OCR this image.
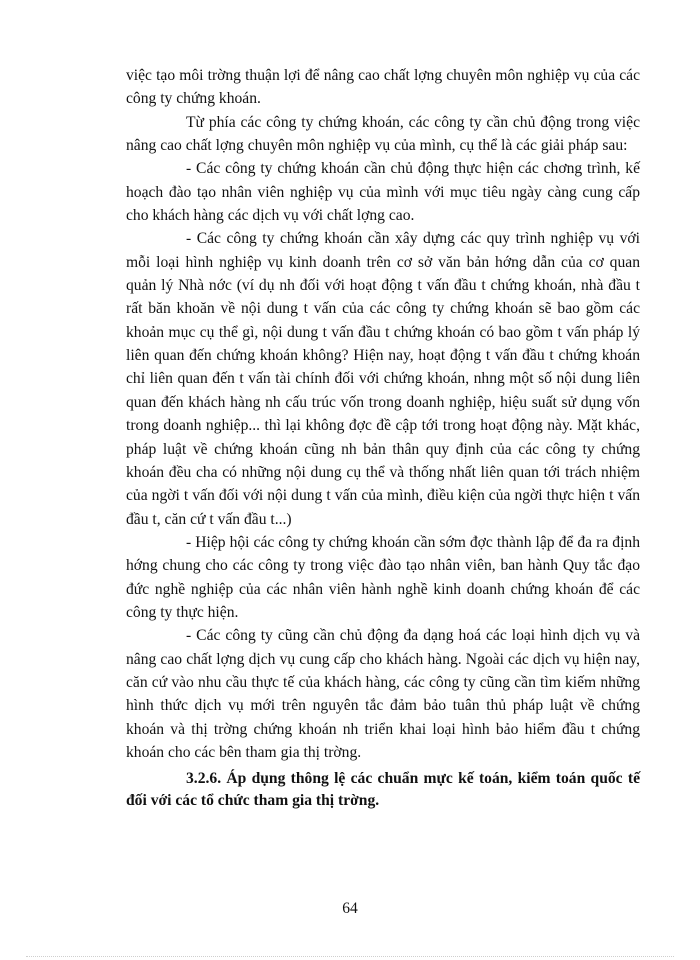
việc tạo môi trờng thuận lợi để nâng cao chất lợng chuyên môn nghiệp vụ của các công ty chứng khoán.

Từ phía các công ty chứng khoán, các công ty cần chủ động trong việc nâng cao chất lợng chuyên môn nghiệp vụ của mình, cụ thể là các giải pháp sau:

- Các công ty chứng khoán cần chủ động thực hiện các chơng trình, kế hoạch đào tạo nhân viên nghiệp vụ của mình với mục tiêu ngày càng cung cấp cho khách hàng các dịch vụ với chất lợng cao.

- Các công ty chứng khoán cần xây dựng các quy trình nghiệp vụ với mỗi loại hình nghiệp vụ kinh doanh trên cơ sở văn bản hớng dẫn của cơ quan quản lý Nhà nớc (ví dụ nh đối với hoạt động t vấn đầu t chứng khoán, nhà đầu t rất băn khoăn về nội dung t vấn của các công ty chứng khoán sẽ bao gồm các khoản mục cụ thể gì, nội dung t vấn đầu t chứng khoán có bao gồm t vấn pháp lý liên quan đến chứng khoán không? Hiện nay, hoạt động t vấn đầu t chứng khoán chỉ liên quan đến t vấn tài chính đối với chứng khoán, nhng một số nội dung liên quan đến khách hàng nh cấu trúc vốn trong doanh nghiệp, hiệu suất sử dụng vốn trong doanh nghiệp... thì lại không đợc đề cập tới trong hoạt động này. Mặt khác, pháp luật về chứng khoán cũng nh bản thân quy định của các công ty chứng khoán đều cha có những nội dung cụ thể và thống nhất liên quan tới trách nhiệm của ngời t vấn đối với nội dung t vấn của mình, điều kiện của ngời thực hiện t vấn đầu t, căn cứ t vấn đầu t...)

- Hiệp hội các công ty chứng khoán cần sớm đợc thành lập để đa ra định hớng chung cho các công ty trong việc đào tạo nhân viên, ban hành Quy tắc đạo đức nghề nghiệp của các nhân viên hành nghề kinh doanh chứng khoán để các công ty thực hiện.

- Các công ty cũng cần chủ động đa dạng hoá các loại hình dịch vụ và nâng cao chất lợng dịch vụ cung cấp cho khách hàng. Ngoài các dịch vụ hiện nay, căn cứ vào nhu cầu thực tế của khách hàng, các công ty cũng cần tìm kiếm những hình thức dịch vụ mới trên nguyên tắc đảm bảo tuân thủ pháp luật về chứng khoán và thị trờng chứng khoán nh triển khai loại hình bảo hiểm đầu t chứng khoán cho các bên tham gia thị trờng.

3.2.6. Áp dụng thông lệ các chuẩn mực kế toán, kiểm toán quốc tế đối với các tổ chức tham gia thị trờng.

64
